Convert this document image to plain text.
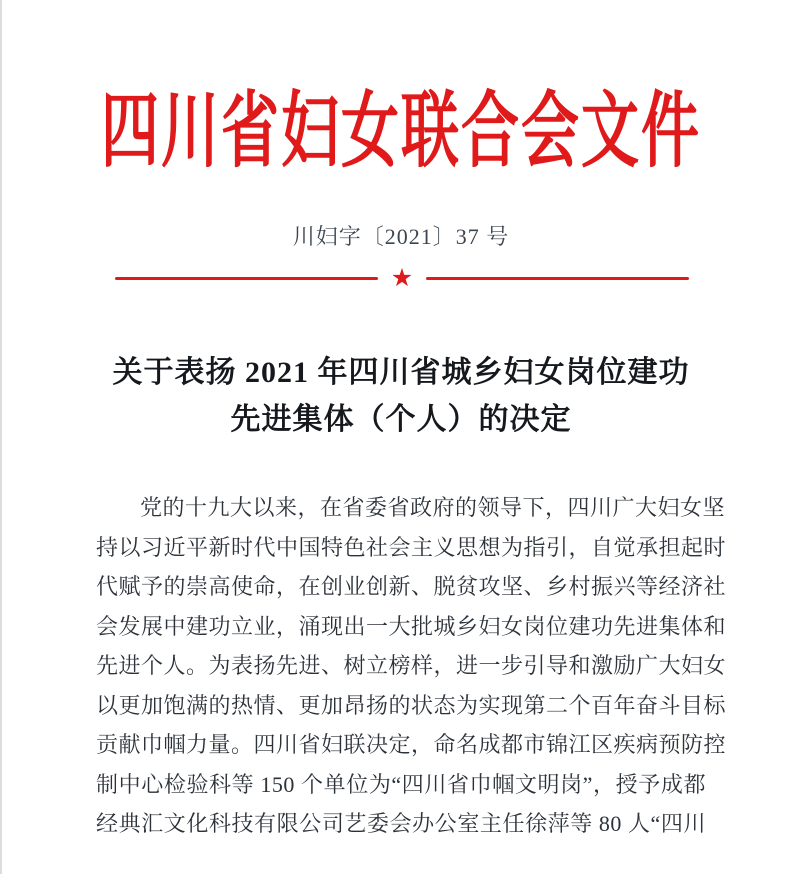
四川省妇女联合会文件
川妇字〔2021〕37 号
★
关于表扬 2021 年四川省城乡妇女岗位建功
先进集体（个人）的决定
党的十九大以来，在省委省政府的领导下，四川广大妇女坚
持以习近平新时代中国特色社会主义思想为指引，自觉承担起时
代赋予的崇高使命，在创业创新、脱贫攻坚、乡村振兴等经济社
会发展中建功立业，涌现出一大批城乡妇女岗位建功先进集体和
先进个人。为表扬先进、树立榜样，进一步引导和激励广大妇女
以更加饱满的热情、更加昂扬的状态为实现第二个百年奋斗目标
贡献巾帼力量。四川省妇联决定，命名成都市锦江区疾病预防控
制中心检验科等 150 个单位为“四川省巾帼文明岗”，授予成都
经典汇文化科技有限公司艺委会办公室主任徐萍等 80 人“四川
